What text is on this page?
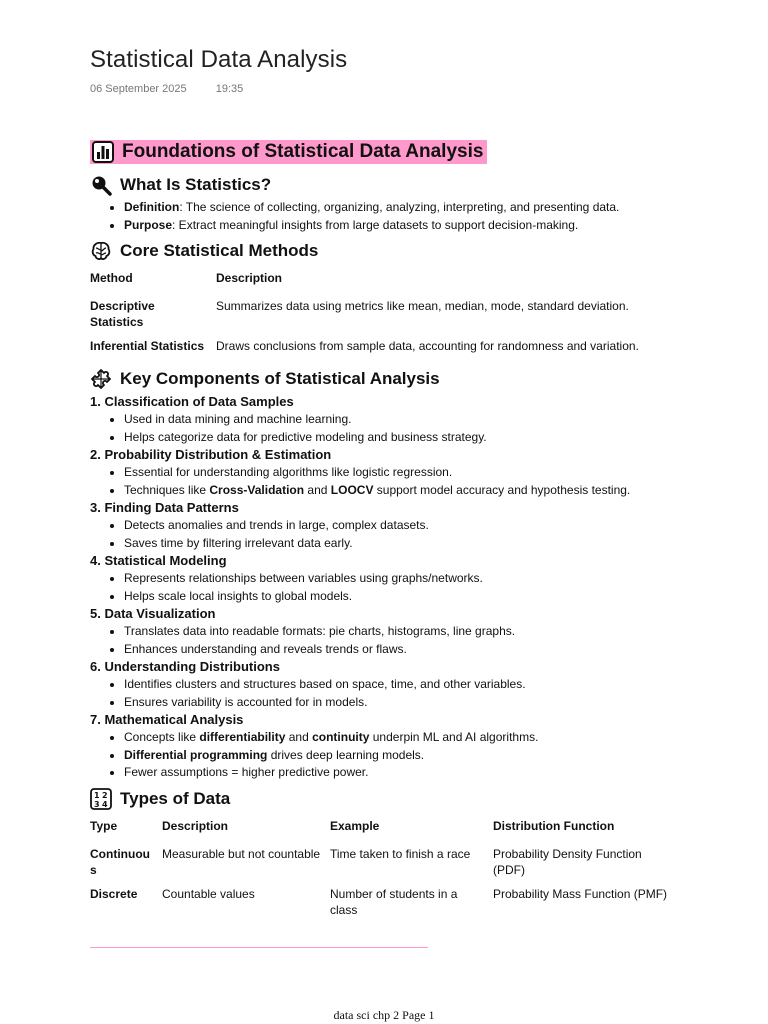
Statistical Data Analysis
06 September 2025	19:35
Foundations of Statistical Data Analysis
What Is Statistics?
• Definition: The science of collecting, organizing, analyzing, interpreting, and presenting data.
• Purpose: Extract meaningful insights from large datasets to support decision-making.
Core Statistical Methods
Method	Description
Descriptive Statistics	Summarizes data using metrics like mean, median, mode, standard deviation.
Inferential Statistics	Draws conclusions from sample data, accounting for randomness and variation.
Key Components of Statistical Analysis

1. Classification of Data Samples

• Used in data mining and machine learning.
• Helps categorize data for predictive modeling and business strategy.

2. Probability Distribution & Estimation

• Essential for understanding algorithms like logistic regression.
• Techniques like Cross-Validation and LOOCV support model accuracy and hypothesis testing.

3. Finding Data Patterns

• Detects anomalies and trends in large, complex datasets.
• Saves time by filtering irrelevant data early.

4. Statistical Modeling

• Represents relationships between variables using graphs/networks.
• Helps scale local insights to global models.

5. Data Visualization

• Translates data into readable formats: pie charts, histograms, line graphs.
• Enhances understanding and reveals trends or flaws.

6. Understanding Distributions

• Identifies clusters and structures based on space, time, and other variables.
• Ensures variability is accounted for in models.

7. Mathematical Analysis

• Concepts like differentiability and continuity underpin ML and AI algorithms.
• Differential programming drives deep learning models.
• Fewer assumptions = higher predictive power.
1 2
3 4 Types of Data
Type	Description	Example	Distribution Function
Continuou s	Measurable but not countable	Time taken to finish a race	Probability Density Function (PDF)
Discrete	Countable values	Number of students in a class	Probability Mass Function (PMF)
data sci chp 2 Page 1
